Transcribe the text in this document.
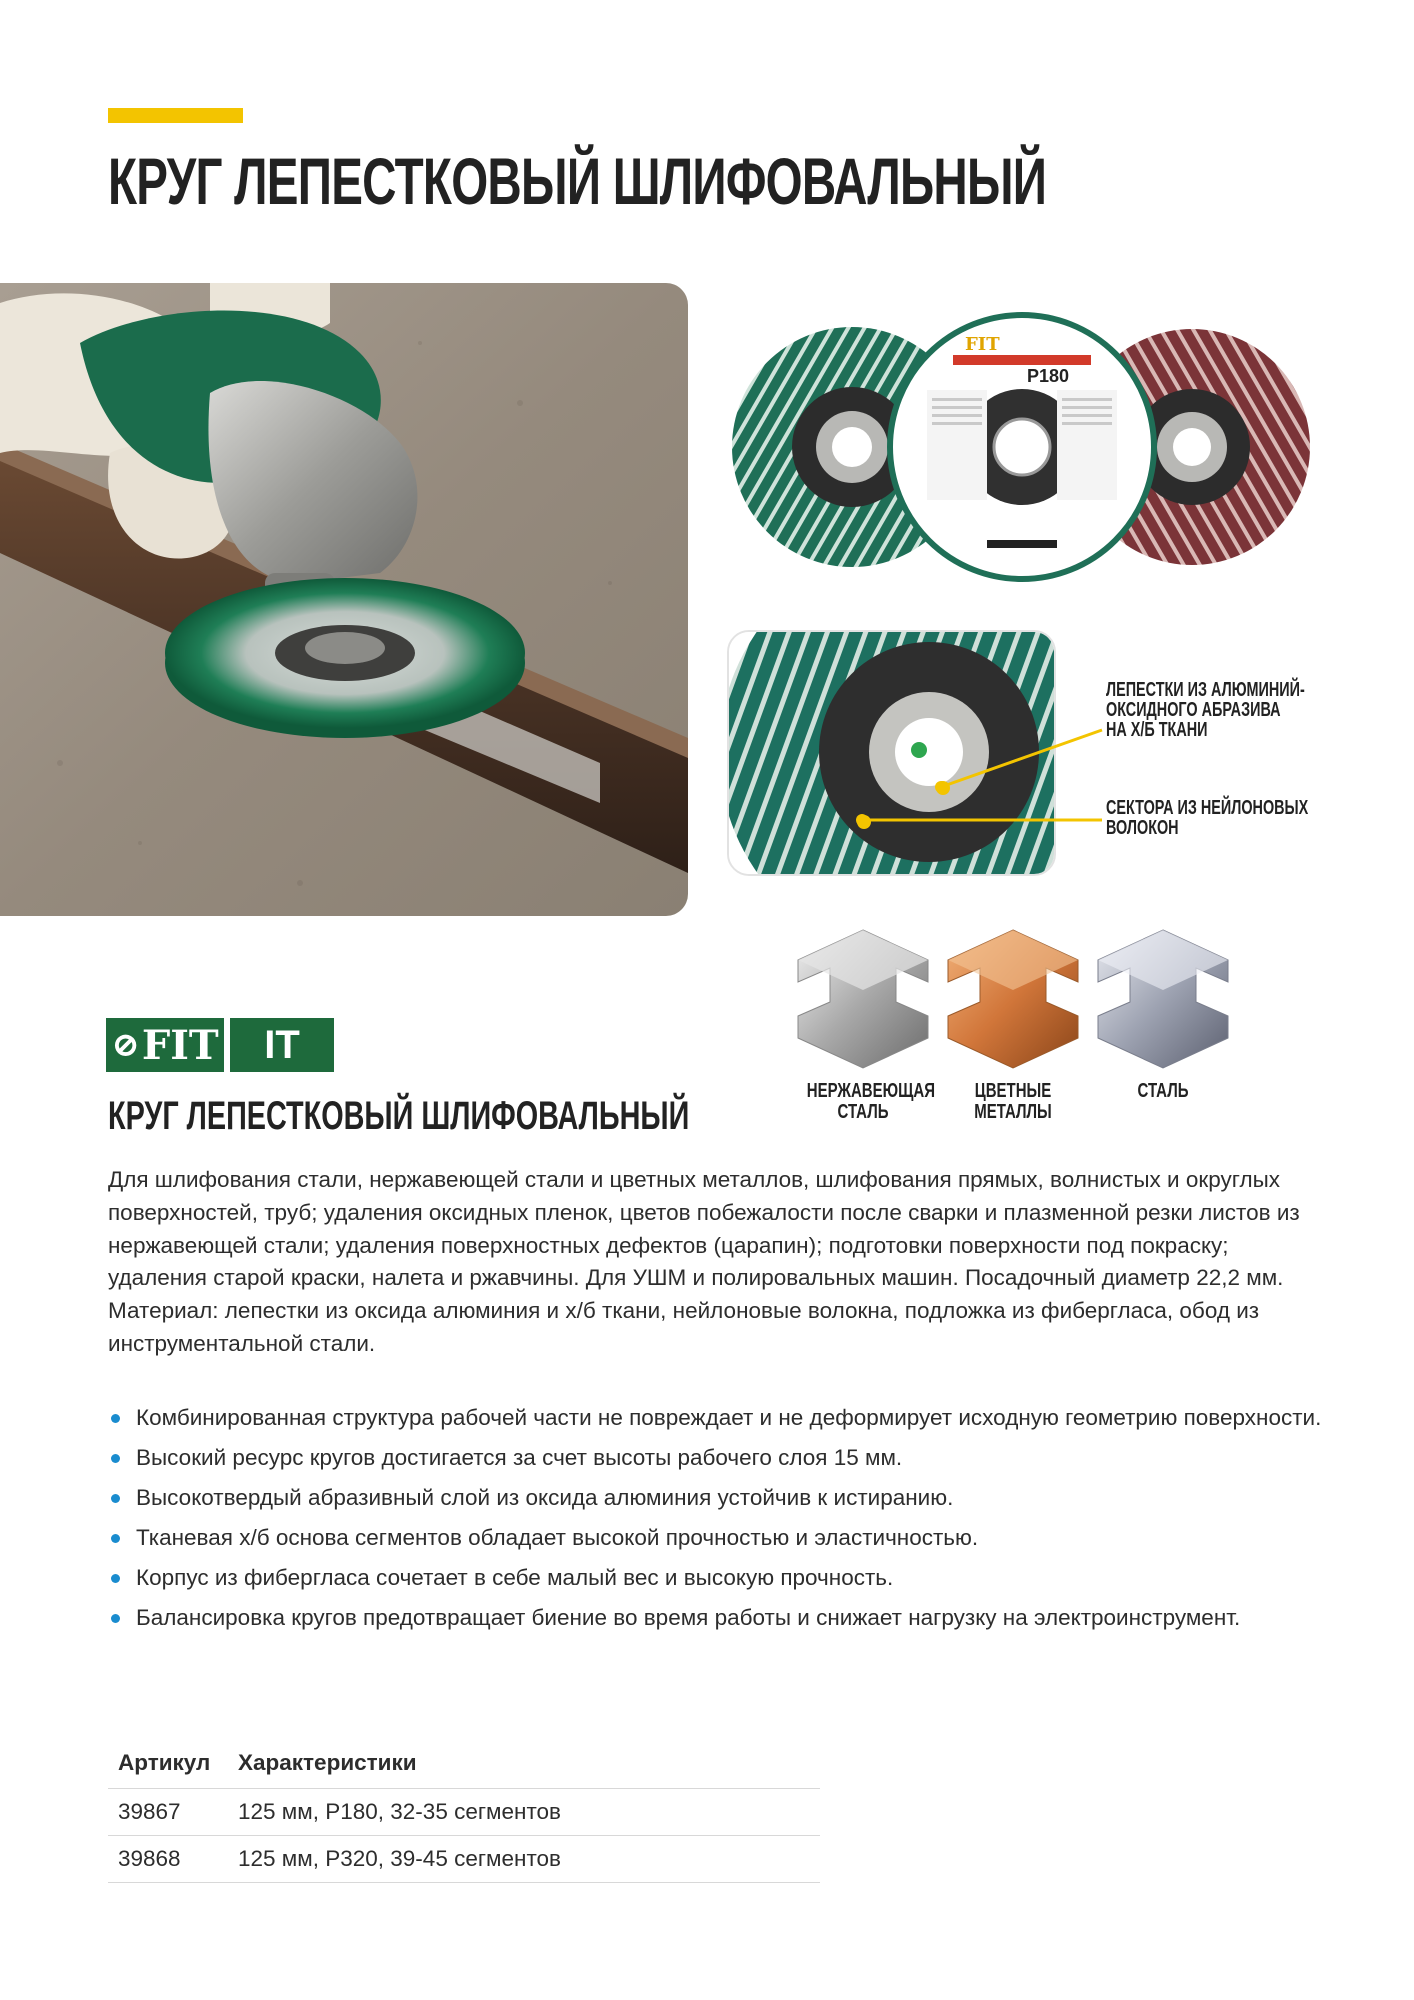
КРУГ ЛЕПЕСТКОВЫЙ ШЛИФОВАЛЬНЫЙ
FIT	39867
P180
ЛЕПЕСТКИ ИЗ АЛЮМИНИЙ-
ОКСИДНОГО АБРАЗИВА
НА Х/Б ТКАНИ
СЕКТОРА ИЗ НЕЙЛОНОВЫХ
ВОЛОКОН
НЕРЖАВЕЮЩАЯ
СТАЛЬ
ЦВЕТНЫЕ
МЕТАЛЛЫ
СТАЛЬ
⊘ FIT	IT
КРУГ ЛЕПЕСТКОВЫЙ ШЛИФОВАЛЬНЫЙ
Для шлифования стали, нержавеющей стали и цветных металлов, шлифования прямых, волнистых и округлых поверхностей, труб; удаления оксидных пленок, цветов побежалости после сварки и плазменной резки листов из нержавеющей стали; удаления поверхностных дефектов (царапин); подготовки поверхности под покраску; удаления старой краски, налета и ржавчины. Для УШМ и полировальных машин. Посадочный диаметр 22,2 мм. Материал: лепестки из оксида алюминия и х/б ткани, нейлоновые волокна, подложка из фибергласа, обод из инструментальной стали.
Комбинированная структура рабочей части не повреждает и не деформирует исходную геометрию поверхности.
Высокий ресурс кругов достигается за счет высоты рабочего слоя 15 мм.
Высокотвердый абразивный слой из оксида алюминия устойчив к истиранию.
Тканевая х/б основа сегментов обладает высокой прочностью и эластичностью.
Корпус из фибергласа сочетает в себе малый вес и высокую прочность.
Балансировка кругов предотвращает биение во время работы и снижает нагрузку на электроинструмент.
Артикул	Характеристики
39867	125 мм, P180, 32-35 сегментов
39868	125 мм, P320, 39-45 сегментов
